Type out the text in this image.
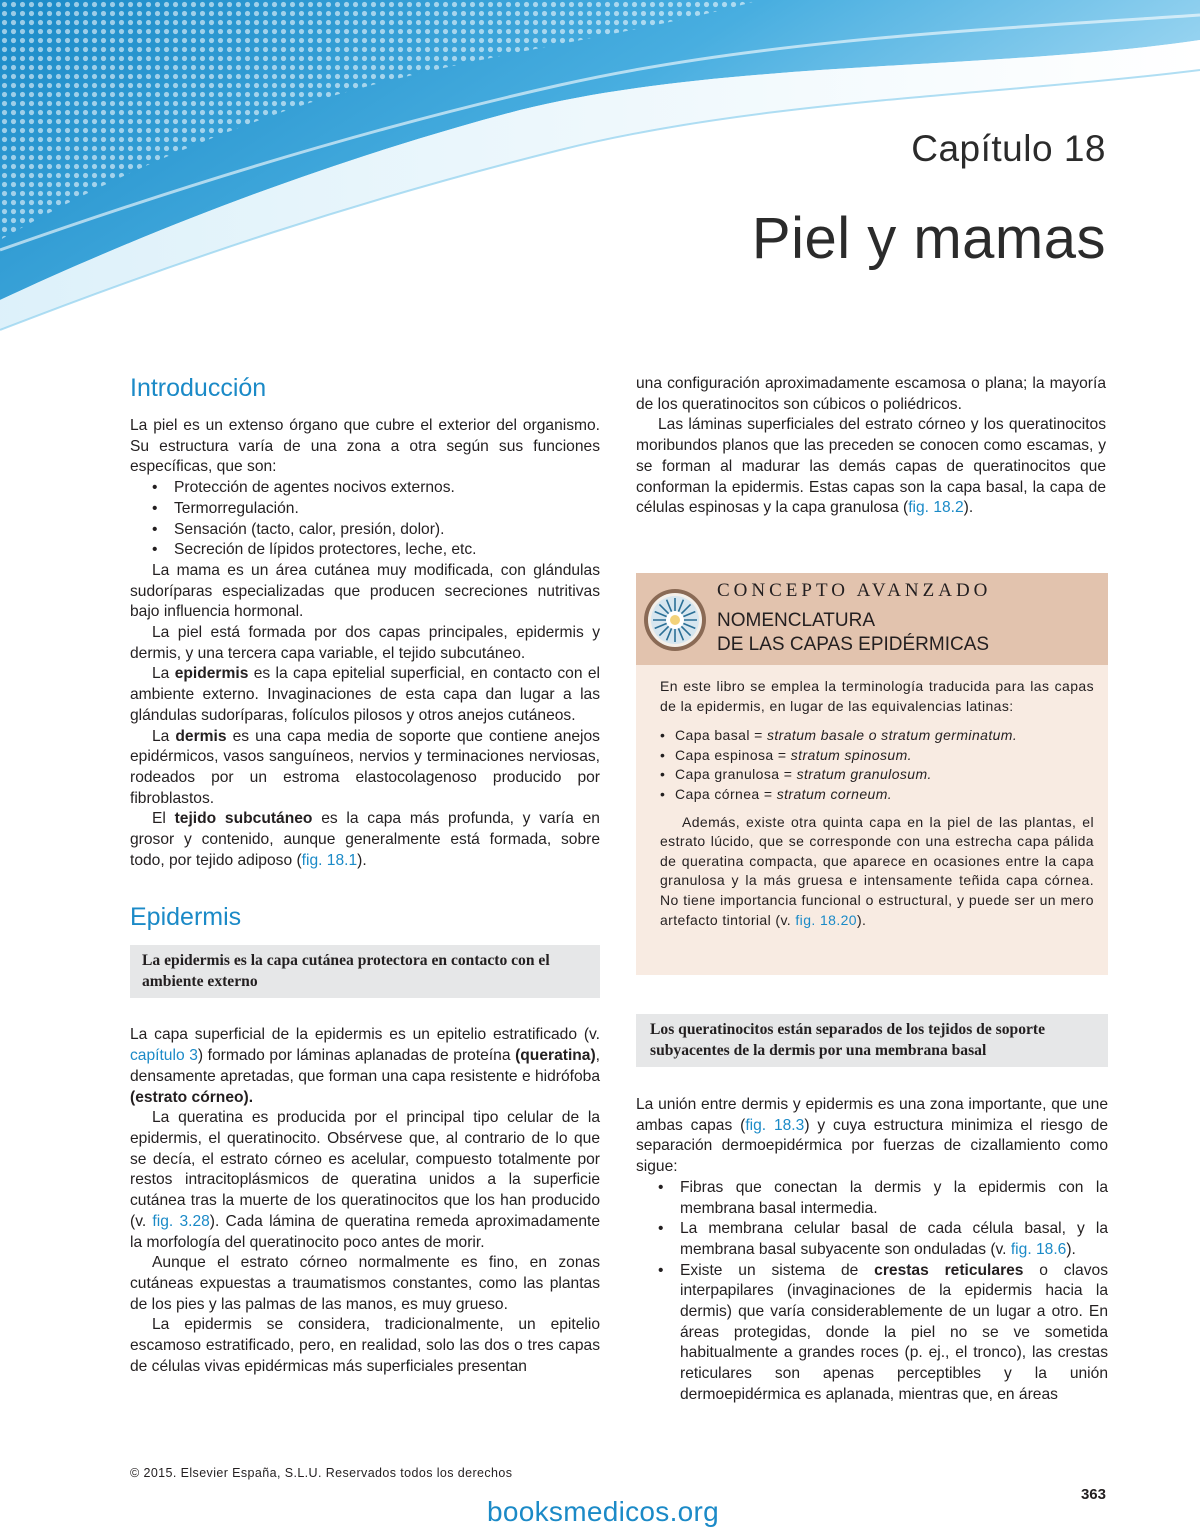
Capítulo 18
Piel y mamas
Introducción

La piel es un extenso órgano que cubre el exterior del organismo. Su estructura varía de una zona a otra según sus funciones específicas, que son:

• Protección de agentes nocivos externos.
• Termorregulación.
• Sensación (tacto, calor, presión, dolor).
• Secreción de lípidos protectores, leche, etc.

La mama es un área cutánea muy modificada, con glándulas sudoríparas especializadas que producen secreciones nutritivas bajo influencia hormonal.

La piel está formada por dos capas principales, epidermis y dermis, y una tercera capa variable, el tejido subcutáneo.

La epidermis es la capa epitelial superficial, en contacto con el ambiente externo. Invaginaciones de esta capa dan lugar a las glándulas sudoríparas, folículos pilosos y otros anejos cutáneos.

La dermis es una capa media de soporte que contiene anejos epidérmicos, vasos sanguíneos, nervios y terminaciones nerviosas, rodeados por un estroma elastocolagenoso producido por fibroblastos.

El tejido subcutáneo es la capa más profunda, y varía en grosor y contenido, aunque generalmente está formada, sobre todo, por tejido adiposo (fig. 18.1).

Epidermis
La epidermis es la capa cutánea protectora en contacto con el ambiente externo

La capa superficial de la epidermis es un epitelio estratificado (v. capítulo 3) formado por láminas aplanadas de proteína (queratina), densamente apretadas, que forman una capa resistente e hidrófoba (estrato córneo).

La queratina es producida por el principal tipo celular de la epidermis, el queratinocito. Obsérvese que, al contrario de lo que se decía, el estrato córneo es acelular, compuesto totalmente por restos intracitoplásmicos de queratina unidos a la superficie cutánea tras la muerte de los queratinocitos que los han producido (v. fig. 3.28). Cada lámina de queratina remeda aproximadamente la morfología del queratinocito poco antes de morir.

Aunque el estrato córneo normalmente es fino, en zonas cutáneas expuestas a traumatismos constantes, como las plantas de los pies y las palmas de las manos, es muy grueso.

La epidermis se considera, tradicionalmente, un epitelio escamoso estratificado, pero, en realidad, solo las dos o tres capas de células vivas epidérmicas más superficiales presentan

una configuración aproximadamente escamosa o plana; la mayoría de los queratinocitos son cúbicos o poliédricos.

Las láminas superficiales del estrato córneo y los queratinocitos moribundos planos que las preceden se conocen como escamas, y se forman al madurar las demás capas de queratinocitos que conforman la epidermis. Estas capas son la capa basal, la capa de células espinosas y la capa granulosa (fig. 18.2).

CONCEPTO AVANZADO
NOMENCLATURA
DE LAS CAPAS EPIDÉRMICAS

En este libro se emplea la terminología traducida para las capas de la epidermis, en lugar de las equivalencias latinas:

• Capa basal = stratum basale o stratum germinatum.
• Capa espinosa = stratum spinosum.
• Capa granulosa = stratum granulosum.
• Capa córnea = stratum corneum.

Además, existe otra quinta capa en la piel de las plantas, el estrato lúcido, que se corresponde con una estrecha capa pálida de queratina compacta, que aparece en ocasiones entre la capa granulosa y la más gruesa e intensamente teñida capa córnea. No tiene importancia funcional o estructural, y puede ser un mero artefacto tintorial (v. fig. 18.20).

Los queratinocitos están separados de los tejidos de soporte subyacentes de la dermis por una membrana basal

La unión entre dermis y epidermis es una zona importante, que une ambas capas (fig. 18.3) y cuya estructura minimiza el riesgo de separación dermoepidérmica por fuerzas de cizallamiento como sigue:

• Fibras que conectan la dermis y la epidermis con la membrana basal intermedia.
• La membrana celular basal de cada célula basal, y la membrana basal subyacente son onduladas (v. fig. 18.6).
• Existe un sistema de crestas reticulares o clavos interpapilares (invaginaciones de la epidermis hacia la dermis) que varía considerablemente de un lugar a otro. En áreas protegidas, donde la piel no se ve sometida habitualmente a grandes roces (p. ej., el tronco), las crestas reticulares son apenas perceptibles y la unión dermoepidérmica es aplanada, mientras que, en áreas
© 2015. Elsevier España, S.L.U. Reservados todos los derechos
363
booksmedicos.org
